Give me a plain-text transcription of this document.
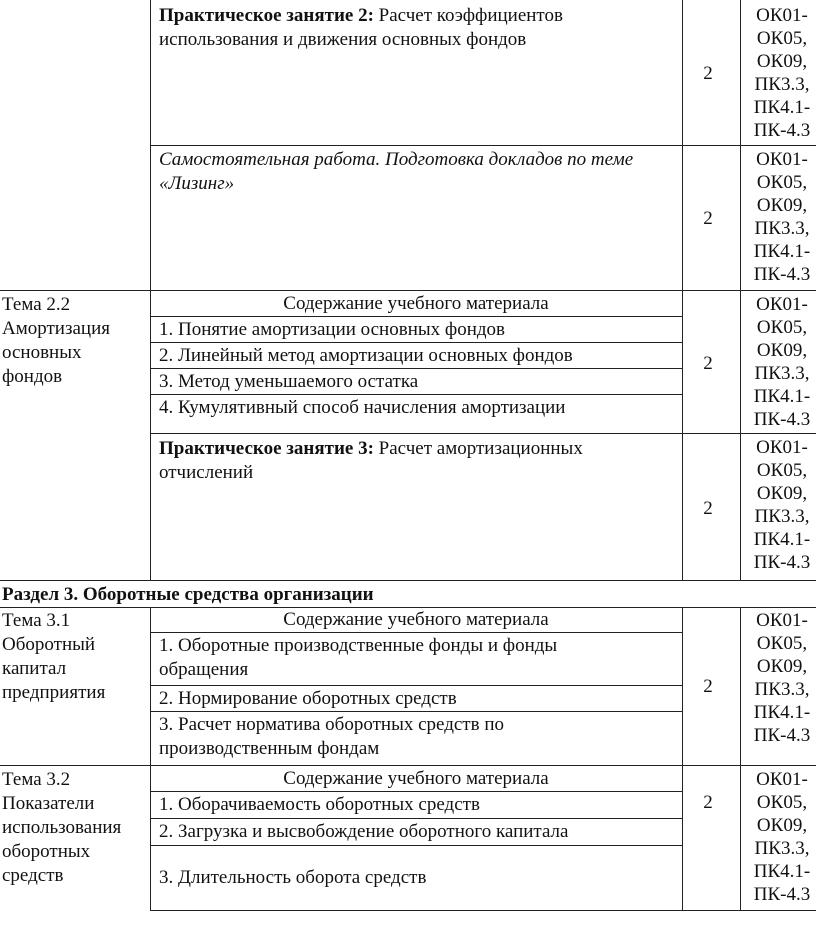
Практическое занятие 2: Расчет коэффициентов использования и движения основных фондов
2
ОК01-
ОК05,
ОК09,
ПК3.3,
ПК4.1-
ПК-4.3
Самостоятельная работа. Подготовка докладов по теме «Лизинг»
2
ОК01-
ОК05,
ОК09,
ПК3.3,
ПК4.1-
ПК-4.3
Тема 2.2
Амортизация
основных
фондов
Содержание учебного материала
1. Понятие амортизации основных фондов
2. Линейный метод амортизации основных фондов
3. Метод уменьшаемого остатка
4. Кумулятивный способ начисления амортизации
2
ОК01-
ОК05,
ОК09,
ПК3.3,
ПК4.1-
ПК-4.3
Практическое занятие 3: Расчет амортизационных отчислений
2
ОК01-
ОК05,
ОК09,
ПК3.3,
ПК4.1-
ПК-4.3
Раздел 3. Оборотные средства организации
Тема 3.1
Оборотный
капитал
предприятия
Содержание учебного материала
1. Оборотные производственные фонды и фонды обращения
2. Нормирование оборотных средств
3. Расчет норматива оборотных средств по производственным фондам
2
ОК01-
ОК05,
ОК09,
ПК3.3,
ПК4.1-
ПК-4.3
Тема 3.2
Показатели
использования
оборотных
средств
Содержание учебного материала
1. Оборачиваемость оборотных средств
2. Загрузка и высвобождение оборотного капитала
3. Длительность оборота средств
2
ОК01-
ОК05,
ОК09,
ПК3.3,
ПК4.1-
ПК-4.3
